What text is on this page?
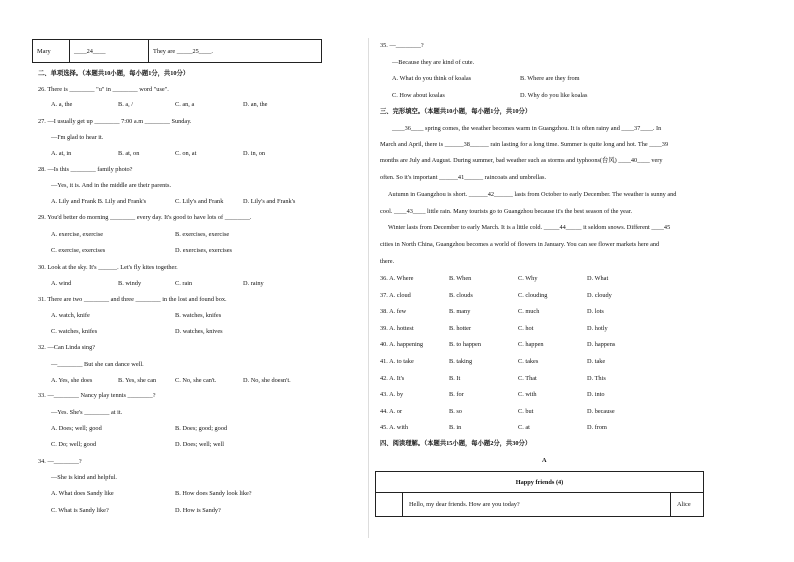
Mary	____24____	They are _____25____.
二、单项选择。（本题共10小题，每小题1分，共10分）
26. There is ________ "u" in ________ word "use".
A. a, the	B. a, /	C. an, a	D. an, the
27. —I usually get up ________ 7:00 a.m ________ Sunday.
—I'm glad to hear it.
A. at, in	B. at, on	C. on, at	D. in, on
28. —Is this ________ family photo?
—Yes, it is. And in the middle are their parents.
A. Lily and Frank B. Lily and Frank's	C. Lily's and Frank	D. Lily's and Frank's
29. You'd better do morning ________ every day. It's good to have lots of ________.
A. exercise, exercise	B. exercises, exercise
C. exercise, exercises	D. exercises, exercises
30. Look at the sky. It's ______. Let's fly kites together.
A. wind	B. windy	C. rain	D. rainy
31. There are two ________ and three ________ in the lost and found box.
A. watch, knife	B. watches, knifes
C. watches, knifes	D. watches, knives
32. —Can Linda sing?
—________ But she can dance well.
A. Yes, she does	B. Yes, she can	C. No, she can't.	D. No, she doesn't.
33. —________ Nancy play tennis ________?
—Yes. She's ________ at it.
A. Does; well; good	B. Does; good; good
C. Do; well; good	D. Does; well; well
34. —________?
—She is kind and helpful.
A. What does Sandy like	B. How does Sandy look like?
C. What is Sandy like?	D. How is Sandy?
35. —________?
—Because they are kind of cute.
A. What do you think of koalas	B. Where are they from
C. How about koalas	D. Why do you like koalas
三、完形填空。（本题共10小题，每小题1分，共10分）
____36____ spring comes, the weather becomes warm in Guangzhou. It is often rainy and ____37____. In
March and April, there is ______38______ rain lasting for a long time. Summer is quite long and hot. The ____39
months are July and August. During summer, bad weather such as storms and typhoons(台风) ____40____ very
often. So it's important ______41______ raincoats and umbrellas.
Autumn in Guangzhou is short. ______42______ lasts from October to early December. The weather is sunny and
cool. ____43____ little rain. Many tourists go to Guangzhou because it's the best season of the year.
Winter lasts from December to early March. It is a little cold. _____44_____ it seldom snows. Different ____45
cities in North China, Guangzhou becomes a world of flowers in January. You can see flower markets here and
there.
36. A. Where	B. When	C. Why	D. What
37. A. cloud	B. clouds	C. clouding	D. cloudy
38. A. few	B. many	C. much	D. lots
39. A. hottest	B. hotter	C. hot	D. hotly
40. A. happening	B. to happen	C. happen	D. happens
41. A. to take	B. taking	C. takes	D. take
42. A. It's	B. It	C. That	D. This
43. A. by	B. for	C. with	D. into
44. A. or	B. so	C. but	D. because
45. A. with	B. in	C. at	D. from
四、阅读理解。（本题共15小题，每小题2分，共30分）
A
Happy friends (4)
	Hello, my dear friends. How are you today?	Alice
